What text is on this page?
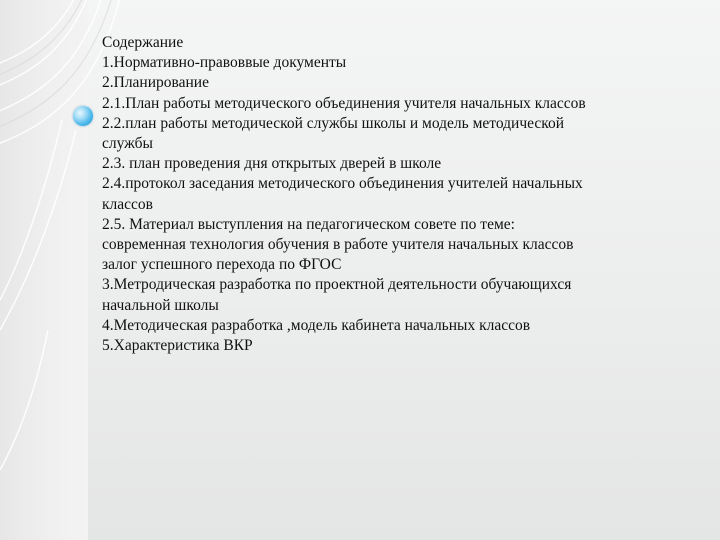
Содержание
1.Нормативно-правоввые документы
2.Планирование
2.1.План работы методического объединения учителя начальных классов
2.2.план работы методической службы школы и модель методической
службы
2.3. план проведения дня открытых дверей в школе
2.4.протокол заседания методического объединения учителей начальных
классов
2.5. Материал выступления на педагогическом совете по теме:
современная технология обучения в работе учителя начальных классов
залог успешного перехода по ФГОС
3.Метродическая разработка по проектной деятельности обучающихся
начальной школы
4.Методическая разработка ,модель кабинета начальных классов
5.Характеристика ВКР
